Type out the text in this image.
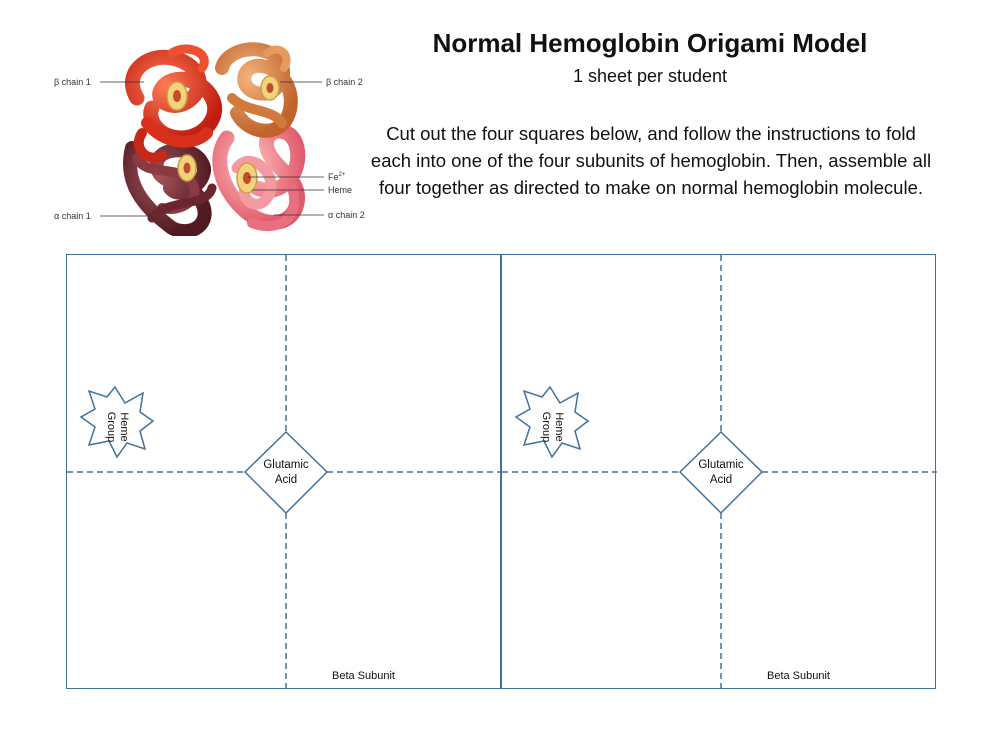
β chain 1	β chain 2
$Fe^{2+}$
Heme
α chain 1	α chain 2
Normal Hemoglobin Origami Model
1 sheet per student
Cut out the four squares below, and follow the instructions to fold each into one of the four subunits of hemoglobin. Then, assemble all four together as directed to make on normal hemoglobin molecule.
Heme
Group
Glutamic
Acid
Beta Subunit
Heme
Group
Glutamic
Acid
Beta Subunit
